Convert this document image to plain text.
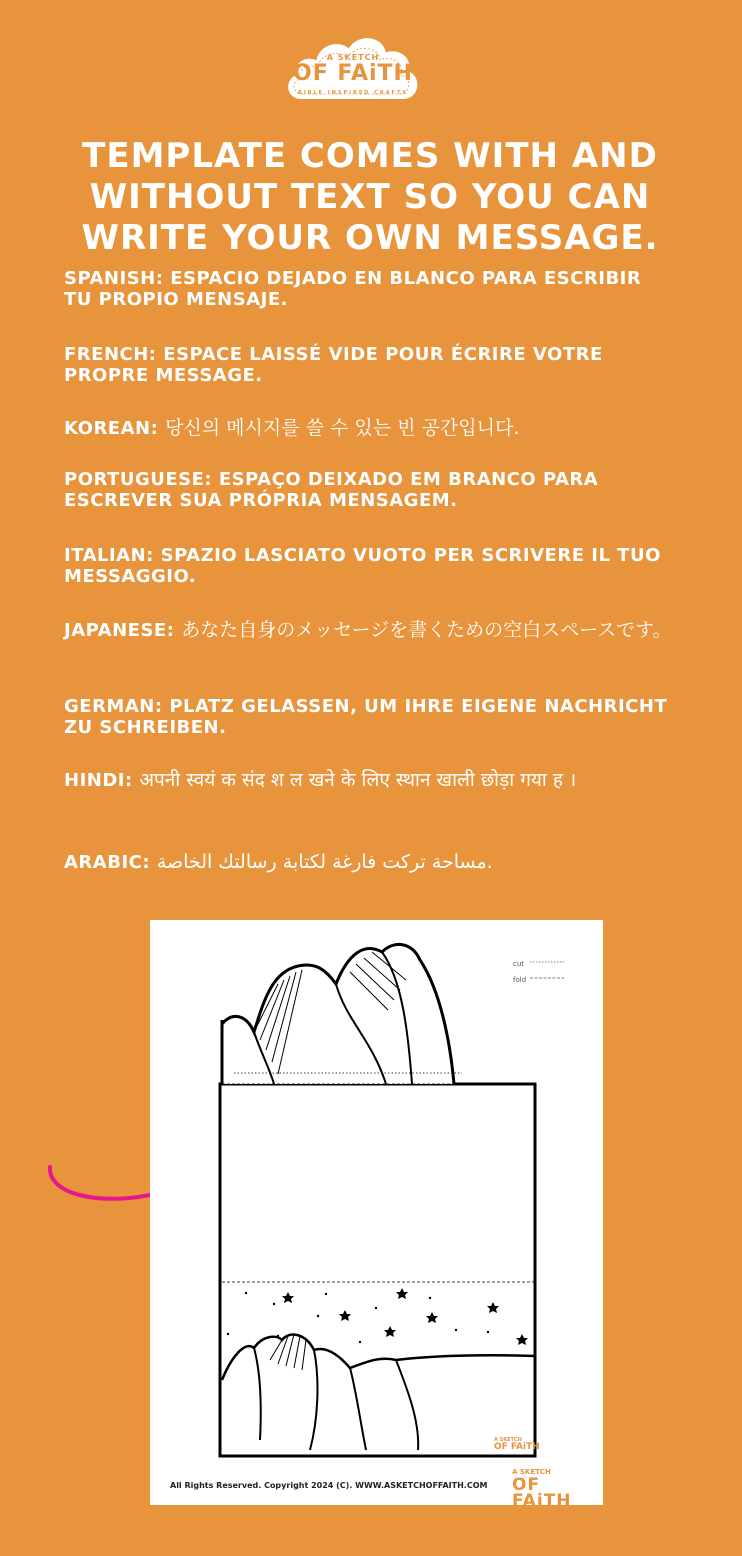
A SKETCH
OF FAiTH
BIBLE INSPIRED CRAFTS
TEMPLATE COMES WITH AND WITHOUT TEXT SO YOU CAN WRITE YOUR OWN MESSAGE.

SPANISH: ESPACIO DEJADO EN BLANCO PARA ESCRIBIR TU PROPIO MENSAJE.

FRENCH: ESPACE LAISSÉ VIDE POUR ÉCRIRE VOTRE PROPRE MESSAGE.

KOREAN: 당신의 메시지를 쓸 수 있는 빈 공간입니다.

PORTUGUESE: ESPAÇO DEIXADO EM BRANCO PARA ESCREVER SUA PRÓPRIA MENSAGEM.

ITALIAN: SPAZIO LASCIATO VUOTO PER SCRIVERE IL TUO MESSAGGIO.

JAPANESE: あなた自身のメッセージを書くための空白スペースです。

GERMAN: PLATZ GELASSEN, UM IHRE EIGENE NACHRICHT ZU SCHREIBEN.

HINDI: अपनी स्वयं क संद श ल खने के लिए स्थान खाली छोड़ा गया ह ।

ARABIC: مساحة تركت فارغة لكتابة رسالتك الخاصة.

cut
fold
A SKETCH
OF FAiTH
All Rights Reserved. Copyright 2024 (C). WWW.ASKETCHOFFAITH.COM
A SKETCH
OF FAiTH
